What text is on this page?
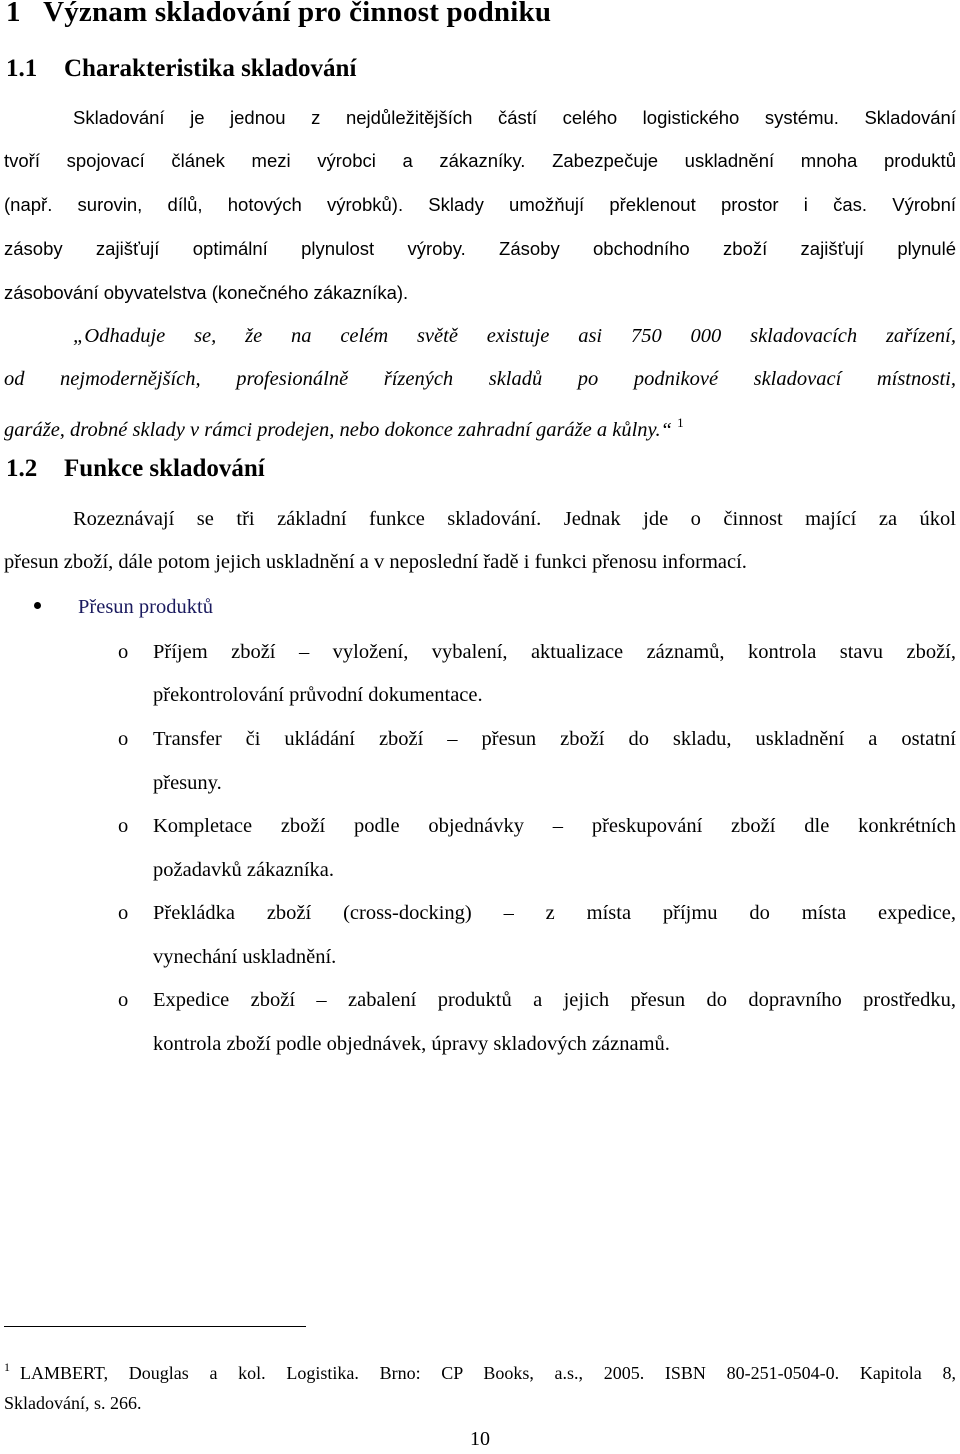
1 Význam skladování pro činnost podniku
1.1 Charakteristika skladování
Skladování je jednou z nejdůležitějších částí celého logistického systému. Skladování
tvoří spojovací článek mezi výrobci a zákazníky. Zabezpečuje uskladnění mnoha produktů
(např. surovin, dílů, hotových výrobků). Sklady umožňují překlenout prostor i čas. Výrobní
zásoby zajišťují optimální plynulost výroby. Zásoby obchodního zboží zajišťují plynulé
zásobování obyvatelstva (konečného zákazníka).
„Odhaduje se, že na celém světě existuje asi 750 000 skladovacích zařízení,
od nejmodernějších, profesionálně řízených skladů po podnikové skladovací místnosti,
garáže, drobné sklady v rámci prodejen, nebo dokonce zahradní garáže a kůlny.“ $^1$
1.2 Funkce skladování
Rozeznávají se tři základní funkce skladování. Jednak jde o činnost mající za úkol
přesun zboží, dále potom jejich uskladnění a v neposlední řadě i funkci přenosu informací.
Přesun produktů
o Příjem zboží – vyložení, vybalení, aktualizace záznamů, kontrola stavu zboží,
překontrolování průvodní dokumentace.
o Transfer či ukládání zboží – přesun zboží do skladu, uskladnění a ostatní
přesuny.
o Kompletace zboží podle objednávky – přeskupování zboží dle konkrétních
požadavků zákazníka.
o Překládka zboží (cross-docking) – z místa příjmu do místa expedice,
vynechání uskladnění.
o Expedice zboží – zabalení produktů a jejich přesun do dopravního prostředku,
kontrola zboží podle objednávek, úpravy skladových záznamů.
$^1$ LAMBERT, Douglas a kol. Logistika. Brno: CP Books, a.s., 2005. ISBN 80-251-0504-0. Kapitola 8,
Skladování, s. 266.
10
